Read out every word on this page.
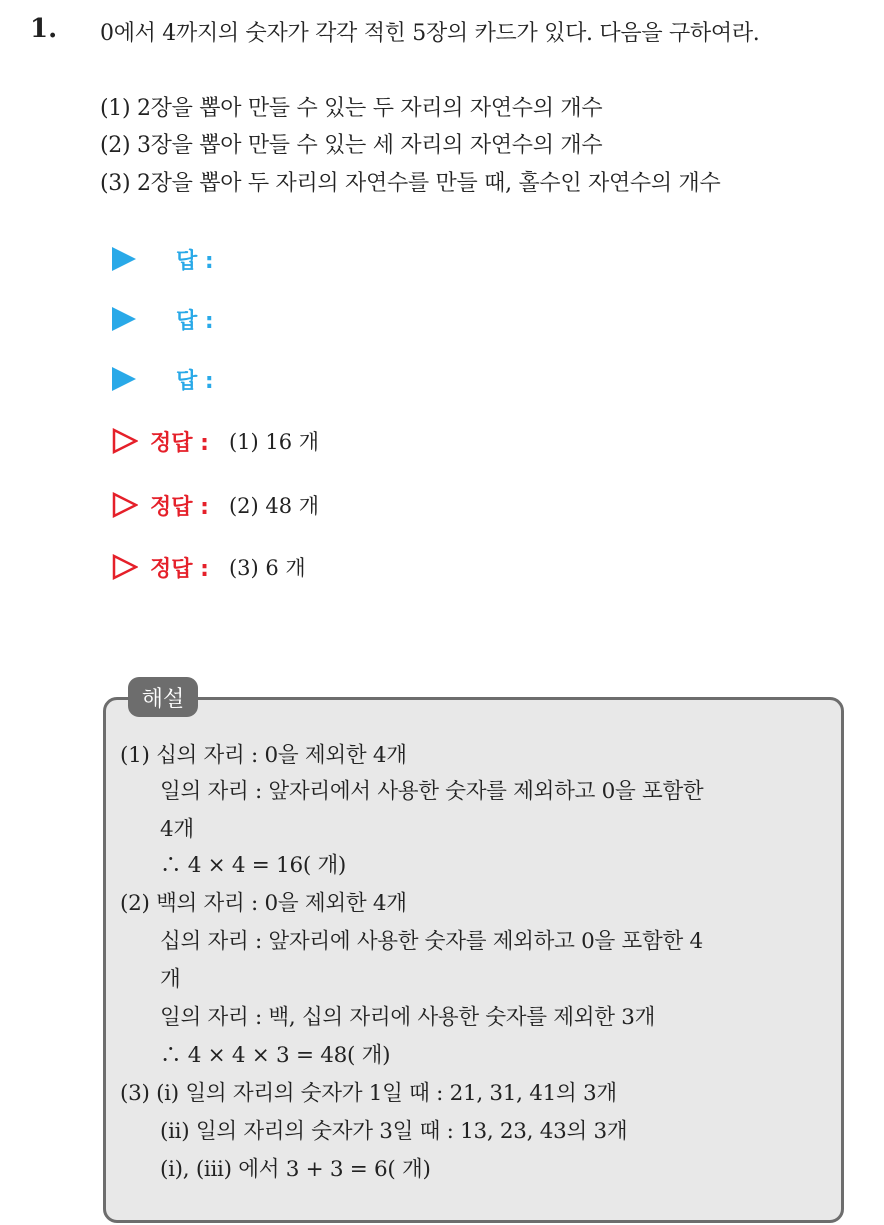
1. 0에서 4까지의 숫자가 각각 적힌 5장의 카드가 있다. 다음을 구하여라.
(1) 2장을 뽑아 만들 수 있는 두 자리의 자연수의 개수
(2) 3장을 뽑아 만들 수 있는 세 자리의 자연수의 개수
(3) 2장을 뽑아 두 자리의 자연수를 만들 때, 홀수인 자연수의 개수
답 :
답 :
답 :
정답 : (1) 16 개
정답 : (2) 48 개
정답 : (3) 6 개
해설
(1) 십의 자리 : 0을 제외한 4개
일의 자리 : 앞자리에서 사용한 숫자를 제외하고 0을 포함한
4개
∴ 4 × 4 = 16( 개)
(2) 백의 자리 : 0을 제외한 4개
십의 자리 : 앞자리에 사용한 숫자를 제외하고 0을 포함한 4
개
일의 자리 : 백, 십의 자리에 사용한 숫자를 제외한 3개
∴ 4 × 4 × 3 = 48( 개)
(3) (i) 일의 자리의 숫자가 1일 때 : 21, 31, 41의 3개
(ii) 일의 자리의 숫자가 3일 때 : 13, 23, 43의 3개
(i), (iii) 에서 3 + 3 = 6( 개)
